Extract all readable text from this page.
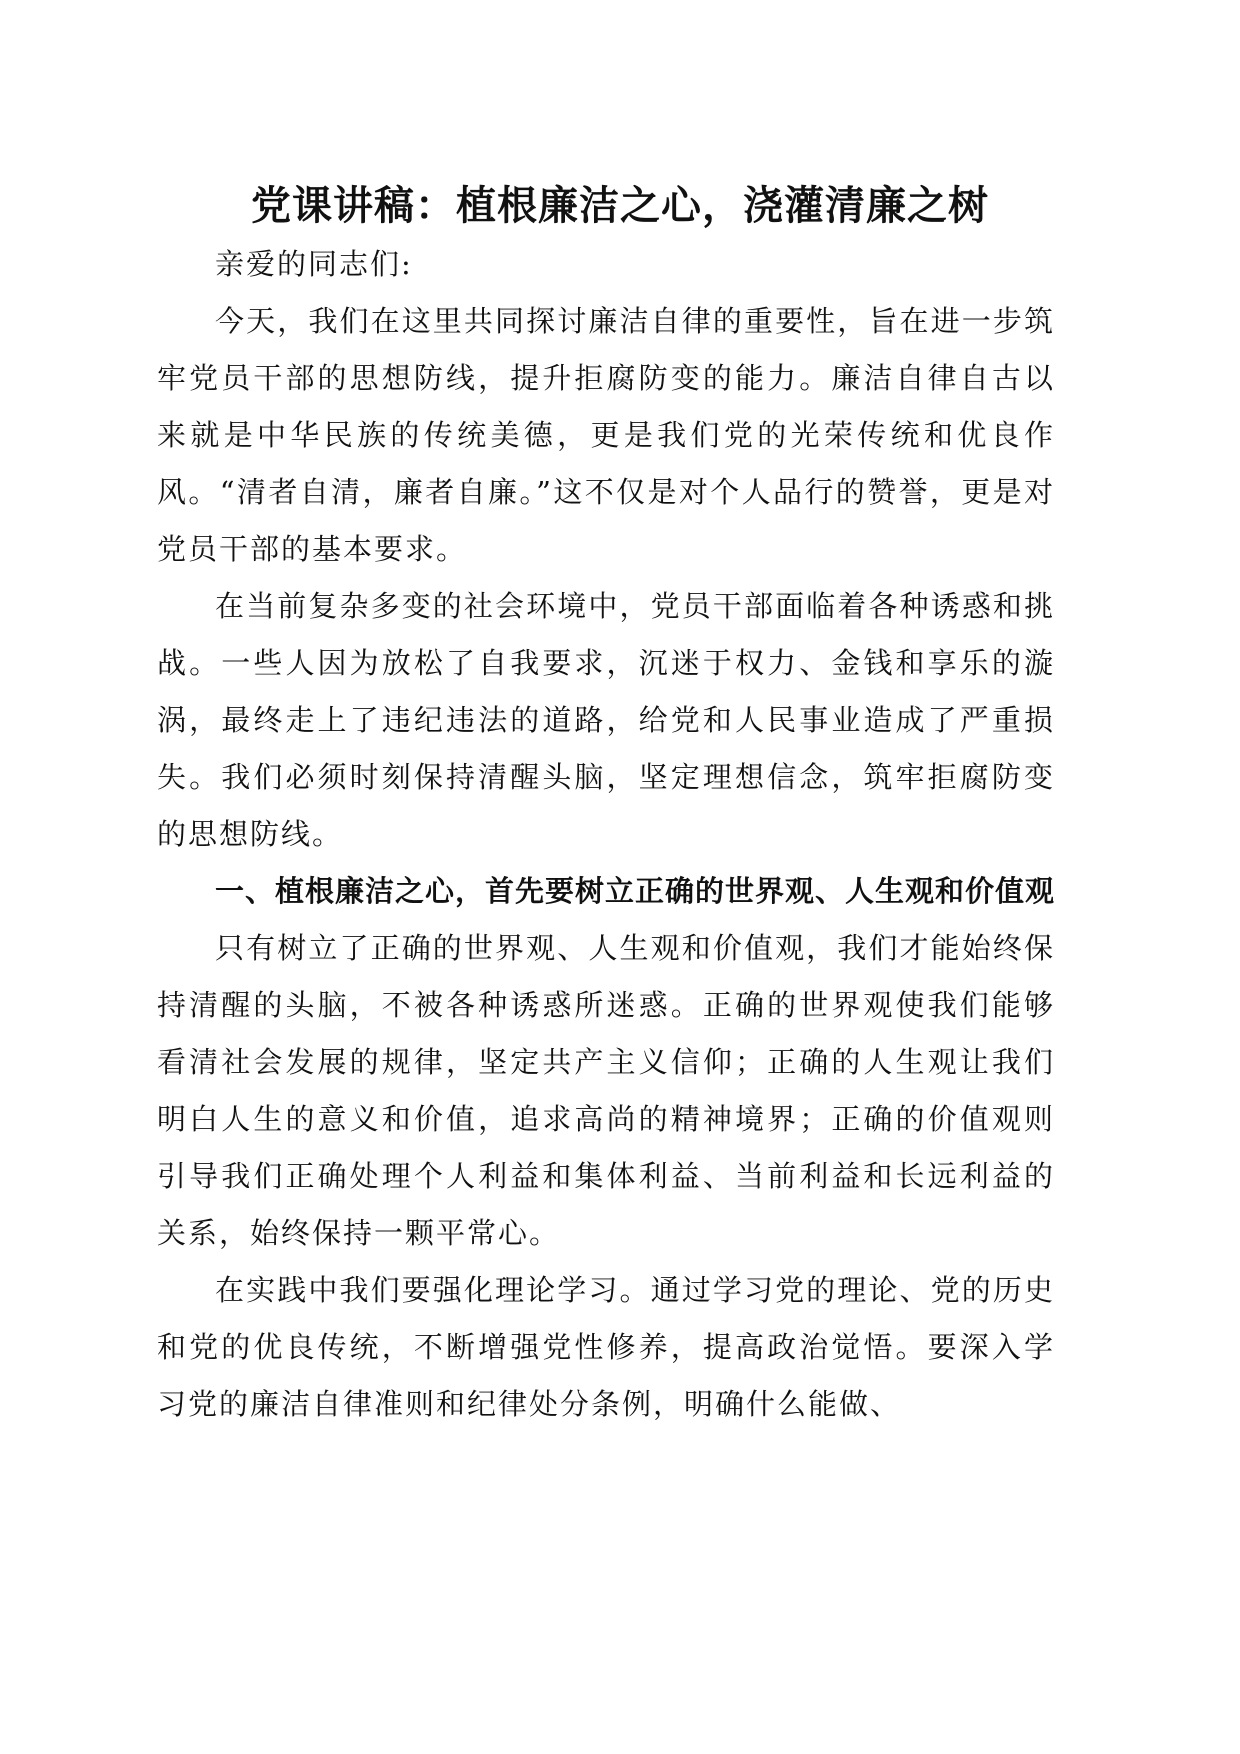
党课讲稿：植根廉洁之心，浇灌清廉之树

亲爱的同志们:

今天，我们在这里共同探讨廉洁自律的重要性，旨在进一步筑牢党员干部的思想防线，提升拒腐防变的能力。廉洁自律自古以来就是中华民族的传统美德，更是我们党的光荣传统和优良作风。“清者自清，廉者自廉。”这不仅是对个人品行的赞誉，更是对党员干部的基本要求。

在当前复杂多变的社会环境中，党员干部面临着各种诱惑和挑战。一些人因为放松了自我要求，沉迷于权力、金钱和享乐的漩涡，最终走上了违纪违法的道路，给党和人民事业造成了严重损失。我们必须时刻保持清醒头脑，坚定理想信念，筑牢拒腐防变的思想防线。

一、植根廉洁之心，首先要树立正确的世界观、人生观和价值观

只有树立了正确的世界观、人生观和价值观，我们才能始终保持清醒的头脑，不被各种诱惑所迷惑。正确的世界观使我们能够看清社会发展的规律，坚定共产主义信仰；正确的人生观让我们明白人生的意义和价值，追求高尚的精神境界；正确的价值观则引导我们正确处理个人利益和集体利益、当前利益和长远利益的关系，始终保持一颗平常心。

在实践中我们要强化理论学习。通过学习党的理论、党的历史和党的优良传统，不断增强党性修养，提高政治觉悟。要深入学习党的廉洁自律准则和纪律处分条例，明确什么能做、
